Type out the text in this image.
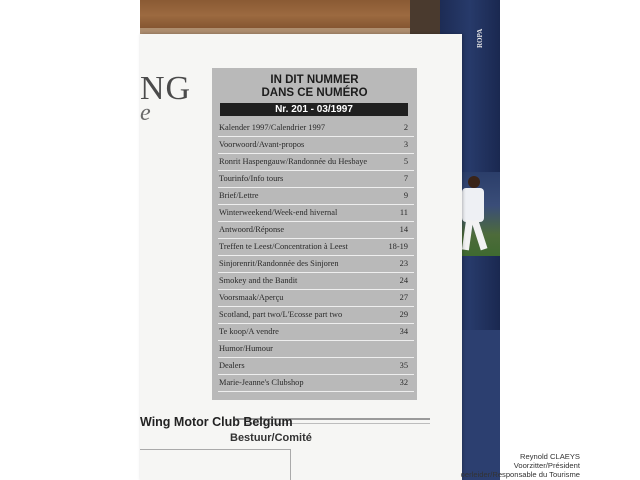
ROPA
NG
e
IN DIT NUMMER
DANS CE NUMÉRO
Nr. 201 - 03/1997
Kalender 1997/Calendrier 1997	2
Voorwoord/Avant-propos	3
Ronrit Haspengauw/Randonnée du Hesbaye	5
Tourinfo/Info tours	7
Brief/Lettre	9
Winterweekend/Week-end hivernal	11
Antwoord/Réponse	14
Treffen te Leest/Concentration à Leest	18-19
Sinjorenrit/Randonnée des Sinjoren	23
Smokey and the Bandit	24
Voorsmaak/Aperçu	27
Scotland, part two/L'Ecosse part two	29
Te koop/A vendre	34
Humor/Humour
Dealers	35
Marie-Jeanne's Clubshop	32
Wing Motor Club Belgium
Bestuur/Comité
Reynold CLAEYS
Voorzitter/Président
oerleider/Responsable du Tourisme
